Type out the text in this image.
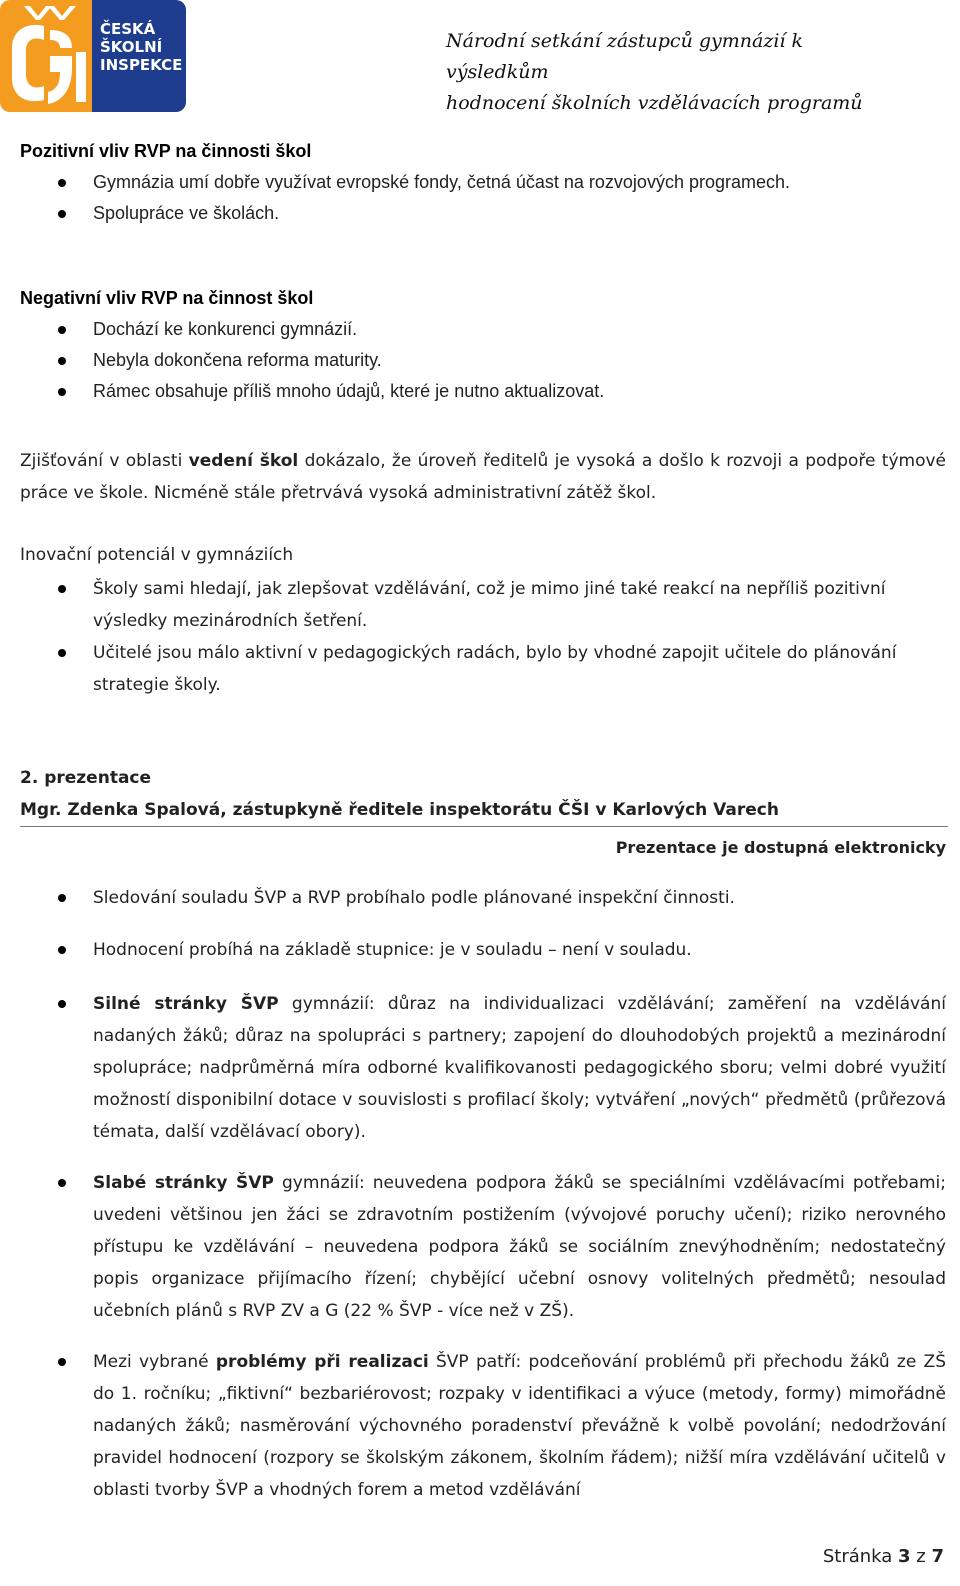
ČESKÁ
ŠKOLNÍ
INSPEKCE
Národní setkání zástupců gymnázií k výsledkům
hodnocení školních vzdělávacích programů
Pozitivní vliv RVP na činnosti škol
Gymnázia umí dobře využívat evropské fondy, četná účast na rozvojových programech.
Spolupráce ve školách.
Negativní vliv RVP na činnost škol
Dochází ke konkurenci gymnázií.
Nebyla dokončena reforma maturity.
Rámec obsahuje příliš mnoho údajů, které je nutno aktualizovat.
Zjišťování v oblasti vedení škol dokázalo, že úroveň ředitelů je vysoká a došlo k rozvoji a podpoře týmové práce ve škole. Nicméně stále přetrvává vysoká administrativní zátěž škol.
Inovační potenciál v gymnáziích
Školy sami hledají, jak zlepšovat vzdělávání, což je mimo jiné také reakcí na nepříliš pozitivní výsledky mezinárodních šetření.
Učitelé jsou málo aktivní v pedagogických radách, bylo by vhodné zapojit učitele do plánování strategie školy.
2. prezentace
Mgr. Zdenka Spalová, zástupkyně ředitele inspektorátu ČŠI v Karlových Varech
Prezentace je dostupná elektronicky
Sledování souladu ŠVP a RVP probíhalo podle plánované inspekční činnosti.
Hodnocení probíhá na základě stupnice: je v souladu – není v souladu.
Silné stránky ŠVP gymnázií: důraz na individualizaci vzdělávání; zaměření na vzdělávání nadaných žáků; důraz na spolupráci s partnery; zapojení do dlouhodobých projektů a mezinárodní spolupráce; nadprůměrná míra odborné kvalifikovanosti pedagogického sboru; velmi dobré využití možností disponibilní dotace v souvislosti s profilací školy; vytváření „nových“ předmětů (průřezová témata, další vzdělávací obory).
Slabé stránky ŠVP gymnázií: neuvedena podpora žáků se speciálními vzdělávacími potřebami; uvedeni většinou jen žáci se zdravotním postižením (vývojové poruchy učení); riziko nerovného přístupu ke vzdělávání – neuvedena podpora žáků se sociálním znevýhodněním; nedostatečný popis organizace přijímacího řízení; chybějící učební osnovy volitelných předmětů; nesoulad učebních plánů s RVP ZV a G (22 % ŠVP - více než v ZŠ).
Mezi vybrané problémy při realizaci ŠVP patří: podceňování problémů při přechodu žáků ze ZŠ do 1. ročníku; „fiktivní“ bezbariérovost; rozpaky v identifikaci a výuce (metody, formy) mimořádně nadaných žáků; nasměrování výchovného poradenství převážně k volbě povolání; nedodržování pravidel hodnocení (rozpory se školským zákonem, školním řádem); nižší míra vzdělávání učitelů v oblasti tvorby ŠVP a vhodných forem a metod vzdělávání
Stránka 3 z 7
